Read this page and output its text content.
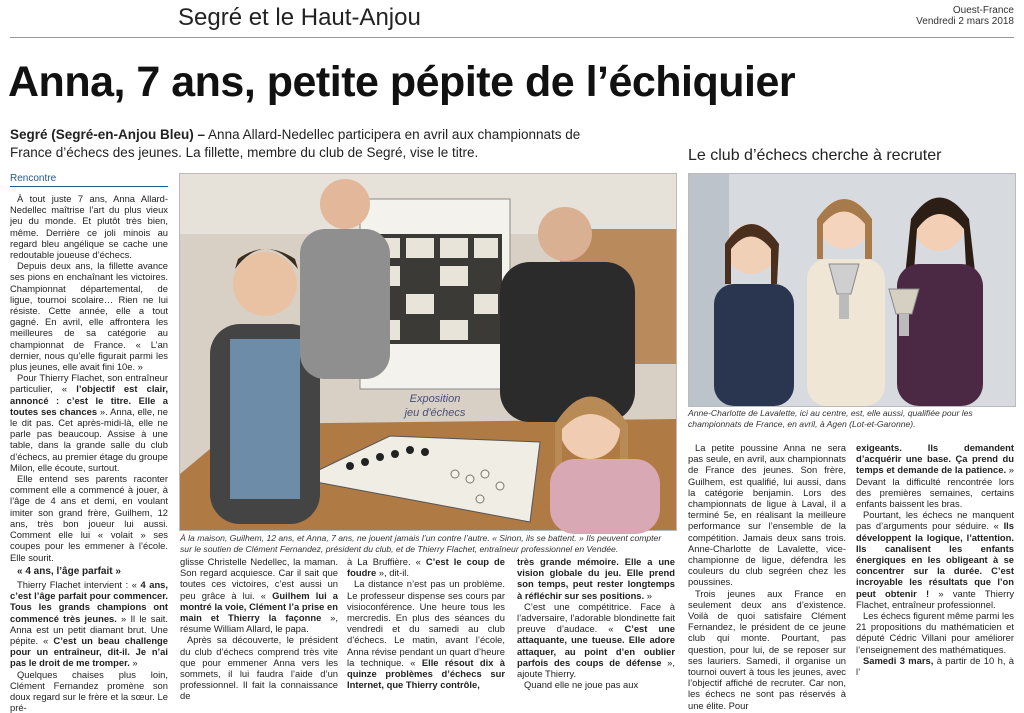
Segré et le Haut-Anjou	Ouest-France
Vendredi 2 mars 2018
Anna, 7 ans, petite pépite de l’échiquier
Segré (Segré-en-Anjou Bleu) – Anna Allard-Nedellec participera en avril aux championnats de France d’échecs des jeunes. La fillette, membre du club de Segré, vise le titre.	Le club d’échecs cherche à recruter
Exposition
jeu d'échecs
À la maison, Guilhem, 12 ans, et Anna, 7 ans, ne jouent jamais l’un contre l’autre. « Sinon, ils se battent. » Ils peuvent compter sur le soutien de Clément Fernandez, président du club, et de Thierry Flachet, entraîneur professionnel en Vendée.
Anne-Charlotte de Lavalette, ici au centre, est, elle aussi, qualifiée pour les championnats de France, en avril, à Agen (Lot-et-Garonne).
Rencontre

À tout juste 7 ans, Anna Allard-Nedellec maîtrise l’art du plus vieux jeu du monde. Et plutôt très bien, même. Derrière ce joli minois au regard bleu angélique se cache une redoutable joueuse d’échecs.

Depuis deux ans, la fillette avance ses pions en enchaînant les victoires. Championnat départemental, de ligue, tournoi scolaire… Rien ne lui résiste. Cette année, elle a tout gagné. En avril, elle affrontera les meilleures de sa catégorie au championnat de France. « L’an dernier, nous qu’elle figurait parmi les plus jeunes, elle avait fini 10e. »

Pour Thierry Flachet, son entraîneur particulier, « l’objectif est clair, annoncé : c’est le titre. Elle a toutes ses chances ». Anna, elle, ne le dit pas. Cet après-midi-là, elle ne parle pas beaucoup. Assise à une table, dans la grande salle du club d’échecs, au premier étage du groupe Milon, elle écoute, surtout.

Elle entend ses parents raconter comment elle a commencé à jouer, à l’âge de 4 ans et demi, en voulant imiter son grand frère, Guilhem, 12 ans, très bon joueur lui aussi. Comment elle lui « volait » ses coupes pour les emmener à l’école. Elle sourit.

« 4 ans, l’âge parfait »

Thierry Flachet intervient : « 4 ans, c’est l’âge parfait pour commencer. Tous les grands champions ont commencé très jeunes. » Il le sait. Anna est un petit diamant brut. Une pépite. « C’est un beau challenge pour un entraîneur, dit-il. Je n’ai pas le droit de me tromper. »

Quelques chaises plus loin, Clément Fernandez promène son doux regard sur le frère et la sœur. Le pré-

glisse Christelle Nedellec, la maman. Son regard acquiesce. Car il sait que toutes ces victoires, c’est aussi un peu grâce à lui. « Guilhem lui a montré la voie, Clément l’a prise en main et Thierry la façonne », résume William Allard, le papa.

Après sa découverte, le président du club d’échecs comprend très vite que pour emmener Anna vers les sommets, il lui faudra l’aide d’un professionnel. Il fait la connaissance de

à La Bruffière. « C’est le coup de foudre », dit-il.

La distance n’est pas un problème. Le professeur dispense ses cours par visioconférence. Une heure tous les mercredis. En plus des séances du vendredi et du samedi au club d’échecs. Le matin, avant l’école, Anna révise pendant un quart d’heure la technique. « Elle résout dix à quinze problèmes d’échecs sur Internet, que Thierry contrôle,

très grande mémoire. Elle a une vision globale du jeu. Elle prend son temps, peut rester longtemps à réfléchir sur ses positions. »

C’est une compétitrice. Face à l’adversaire, l’adorable blondinette fait preuve d’audace. « C’est une attaquante, une tueuse. Elle adore attaquer, au point d’en oublier parfois des coups de défense », ajoute Thierry.

Quand elle ne joue pas aux

La petite poussine Anna ne sera pas seule, en avril, aux championnats de France des jeunes. Son frère, Guilhem, est qualifié, lui aussi, dans la catégorie benjamin. Lors des championnats de ligue à Laval, il a terminé 5e, en réalisant la meilleure performance sur l’ensemble de la compétition. Jamais deux sans trois. Anne-Charlotte de Lavalette, vice-championne de ligue, défendra les couleurs du club segréen chez les poussines.

Trois jeunes aux France en seulement deux ans d’existence. Voilà de quoi satisfaire Clément Fernandez, le président de ce jeune club qui monte. Pourtant, pas question, pour lui, de se reposer sur ses lauriers. Samedi, il organise un tournoi ouvert à tous les jeunes, avec l’objectif affiché de recruter. Car non, les échecs ne sont pas réservés à une élite. Pour

exigeants. Ils demandent d’acquérir une base. Ça prend du temps et demande de la patience. » Devant la difficulté rencontrée lors des premières semaines, certains enfants baissent les bras.

Pourtant, les échecs ne manquent pas d’arguments pour séduire. « Ils développent la logique, l’attention. Ils canalisent les enfants énergiques en les obligeant à se concentrer sur la durée. C’est incroyable les résultats que l’on peut obtenir ! » vante Thierry Flachet, entraîneur professionnel.

Les échecs figurent même parmi les 21 propositions du mathématicien et député Cédric Villani pour améliorer l’enseignement des mathématiques.

Samedi 3 mars, à partir de 10 h, à l’
